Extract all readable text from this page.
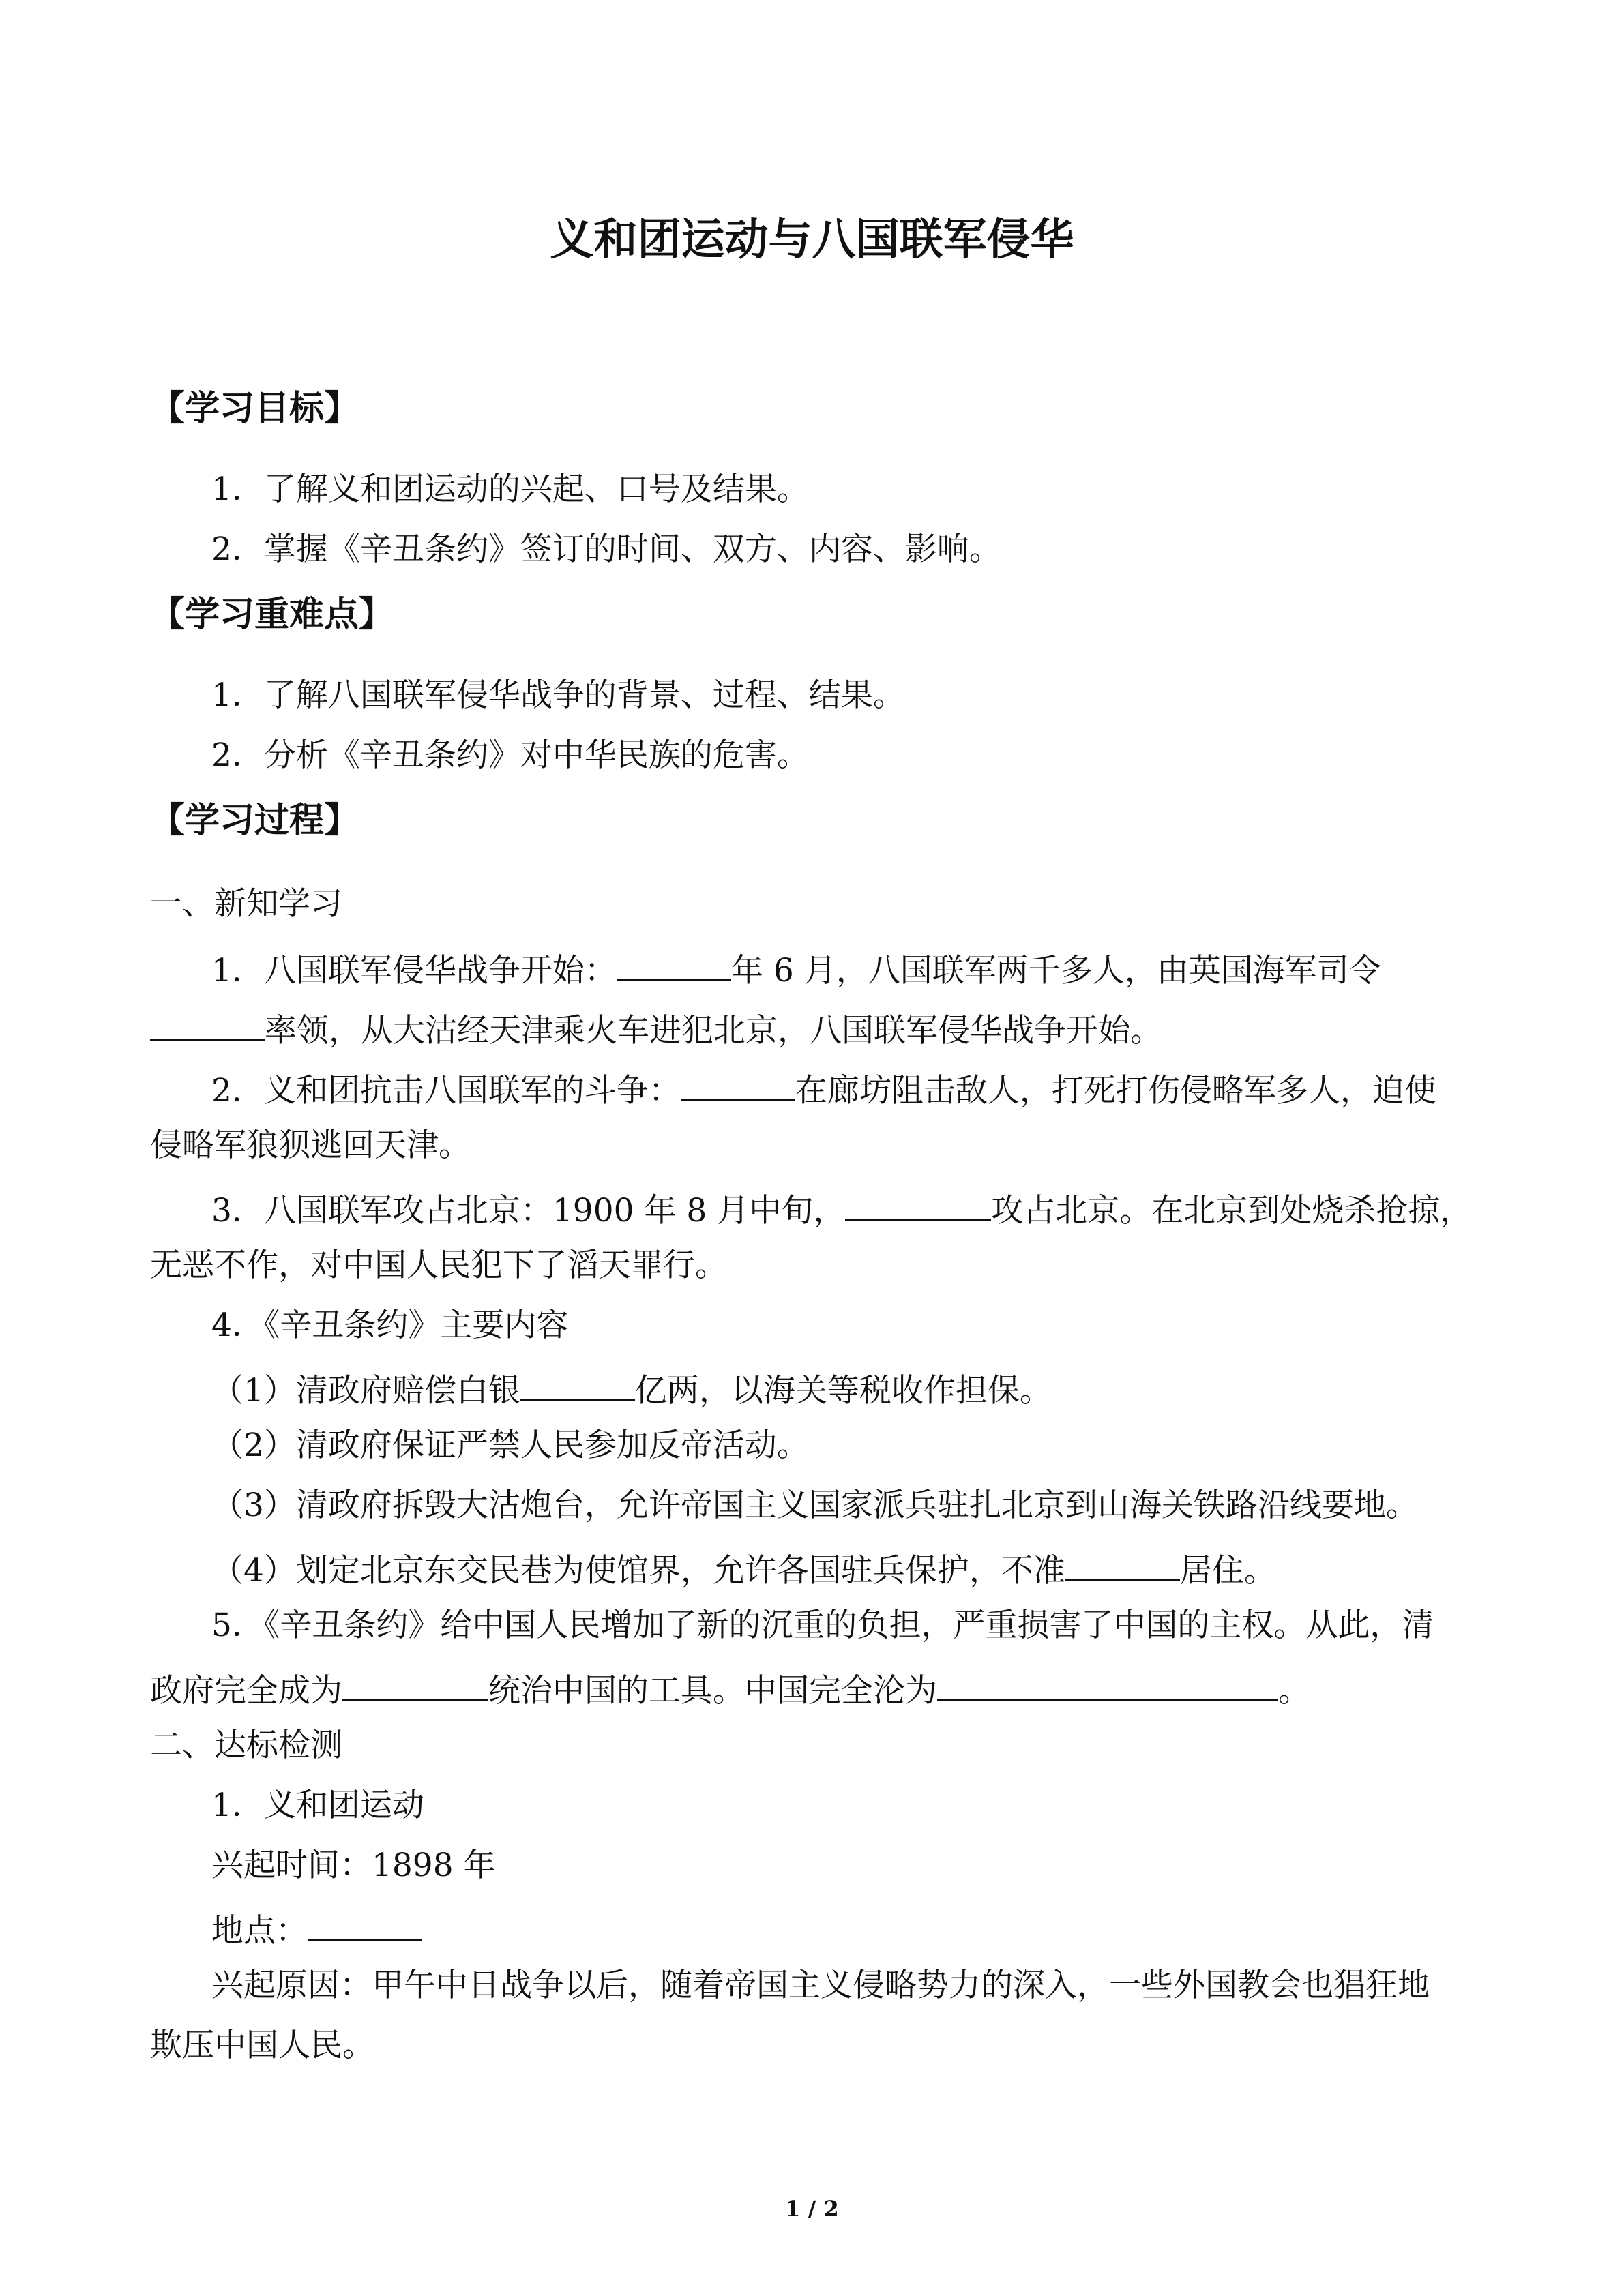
义和团运动与八国联军侵华
【学习目标】
1．了解义和团运动的兴起、口号及结果。
2．掌握《辛丑条约》签订的时间、双方、内容、影响。
【学习重难点】
1．了解八国联军侵华战争的背景、过程、结果。
2．分析《辛丑条约》对中华民族的危害。
【学习过程】
一、新知学习
1．八国联军侵华战争开始：	年 6 月，八国联军两千多人，由英国海军司令
率领，从大沽经天津乘火车进犯北京，八国联军侵华战争开始。
2．义和团抗击八国联军的斗争：	在廊坊阻击敌人，打死打伤侵略军多人，迫使
侵略军狼狈逃回天津。
3．八国联军攻占北京：1900 年 8 月中旬，	攻占北京。在北京到处烧杀抢掠，
无恶不作，对中国人民犯下了滔天罪行。
4．《辛丑条约》主要内容
（1）清政府赔偿白银	亿两，以海关等税收作担保。
（2）清政府保证严禁人民参加反帝活动。
（3）清政府拆毁大沽炮台，允许帝国主义国家派兵驻扎北京到山海关铁路沿线要地。
（4）划定北京东交民巷为使馆界，允许各国驻兵保护，不准	居住。
5．《辛丑条约》给中国人民增加了新的沉重的负担，严重损害了中国的主权。从此，清
政府完全成为	统治中国的工具。中国完全沦为	。
二、达标检测
1．义和团运动
兴起时间：1898 年
地点：
兴起原因：甲午中日战争以后，随着帝国主义侵略势力的深入，一些外国教会也猖狂地
欺压中国人民。
1 / 2
